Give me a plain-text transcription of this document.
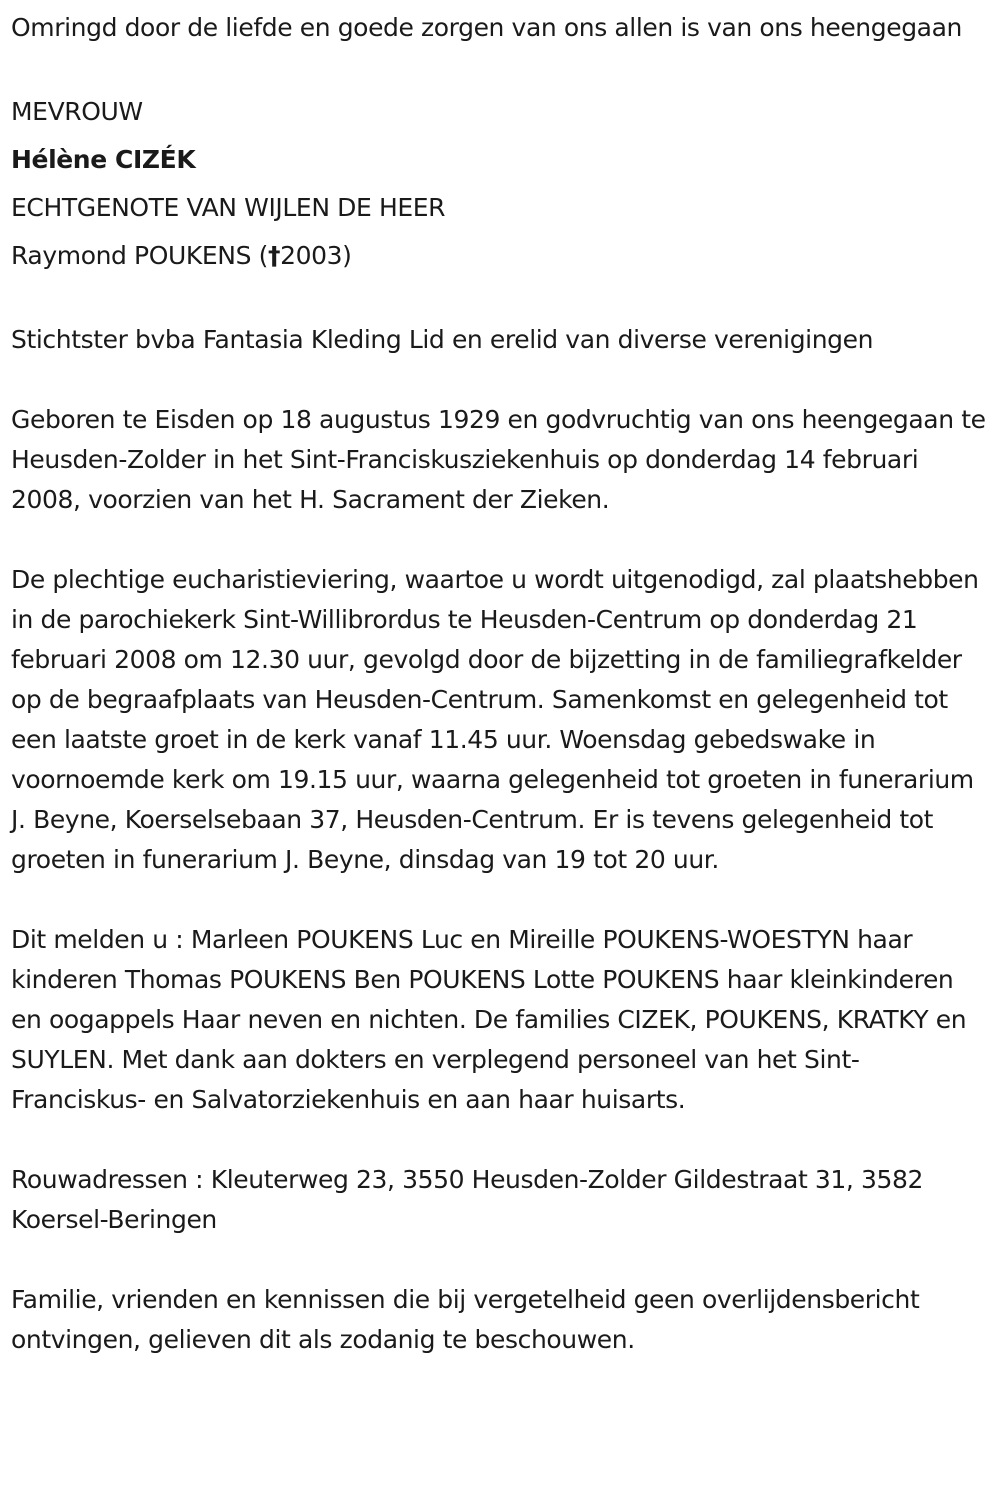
Omringd door de liefde en goede zorgen van ons allen is van ons heengegaan

MEVROUW
Hélène CIZÉK
ECHTGENOTE VAN WIJLEN DE HEER
Raymond POUKENS (†2003)

Stichtster bvba Fantasia Kleding Lid en erelid van diverse verenigingen

Geboren te Eisden op 18 augustus 1929 en godvruchtig van ons heengegaan te Heusden-Zolder in het Sint-Franciskusziekenhuis op donderdag 14 februari 2008, voorzien van het H. Sacrament der Zieken.

De plechtige eucharistieviering, waartoe u wordt uitgenodigd, zal plaatshebben in de parochiekerk Sint-Willibrordus te Heusden-Centrum op donderdag 21 februari 2008 om 12.30 uur, gevolgd door de bijzetting in de familiegrafkelder op de begraafplaats van Heusden-Centrum. Samenkomst en gelegenheid tot een laatste groet in de kerk vanaf 11.45 uur. Woensdag gebedswake in voornoemde kerk om 19.15 uur, waarna gelegenheid tot groeten in funerarium J. Beyne, Koerselsebaan 37, Heusden-Centrum. Er is tevens gelegenheid tot groeten in funerarium J. Beyne, dinsdag van 19 tot 20 uur.

Dit melden u : Marleen POUKENS Luc en Mireille POUKENS-WOESTYN haar kinderen Thomas POUKENS Ben POUKENS Lotte POUKENS haar kleinkinderen en oogappels Haar neven en nichten. De families CIZEK, POUKENS, KRATKY en SUYLEN. Met dank aan dokters en verplegend personeel van het Sint-Franciskus- en Salvatorziekenhuis en aan haar huisarts.

Rouwadressen : Kleuterweg 23, 3550 Heusden-Zolder Gildestraat 31, 3582 Koersel-Beringen

Familie, vrienden en kennissen die bij vergetelheid geen overlijdensbericht ontvingen, gelieven dit als zodanig te beschouwen.
